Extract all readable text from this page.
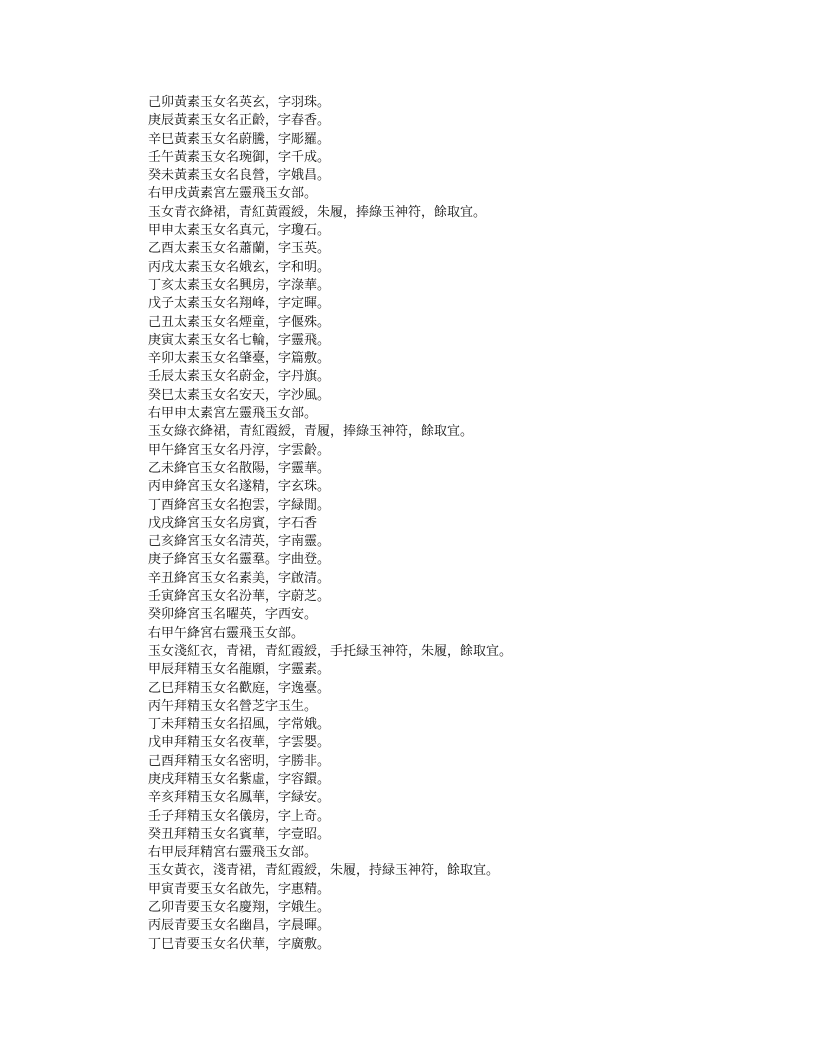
己卯黃素玉女名英玄，字羽珠。
庚辰黃素玉女名正齡，字春香。
辛巳黃素玉女名蔚騰，字彫羅。
壬午黃素玉女名琬御，字千成。
癸未黃素玉女名良營，字娥昌。
右甲戌黃素宮左靈飛玉女部。
玉女青衣絳裙，青紅黃霞綬，朱履，捧綠玉神符，餘取宜。
甲申太素玉女名真元，字瓊石。
乙酉太素玉女名蕭蘭，字玉英。
丙戌太素玉女名娥玄，字和明。
丁亥太素玉女名興房，字淥華。
戊子太素玉女名翔峰，字定暉。
己丑太素玉女名煙童，字偃殊。
庚寅太素玉女名七輪，字靈飛。
辛卯太素玉女名肇臺，字篇敷。
壬辰太素玉女名蔚金，字丹旗。
癸巳太素玉女名安天，字沙風。
右甲申太素宮左靈飛玉女部。
玉女綠衣絳裙，青紅霞綬，青履，捧綠玉神符，餘取宜。
甲午絳宮玉女名丹淳，字雲齡。
乙未絳官玉女名散陽，字靈華。
丙申絳宮玉女名遂精，字玄珠。
丁酉絳宮玉女名抱雲，字緑閒。
戊戌絳宮玉女名房賓，字石香
己亥絳宮玉女名清英，字南靈。
庚子絳宮玉女名靈羣。字曲登。
辛丑絳宮玉女名素美，字啟清。
壬寅絳宮玉女名汾華，字蔚芝。
癸卯絳宮玉名曜英，字西安。
右甲午絳宮右靈飛玉女部。
玉女淺紅衣，青裙，青紅霞綬，手托緑玉神符，朱履，餘取宜。
甲辰拜精玉女名龍願，字靈素。
乙巳拜精玉女名歡庭，字逸臺。
丙午拜精玉女名營芝字玉生。
丁未拜精玉女名招風，字常娥。
戊申拜精玉女名夜華，字雲嬰。
己酉拜精玉女名密明，字勝非。
庚戌拜精玉女名紫虛，字容鐶。
辛亥拜精玉女名鳳華，字緑安。
壬子拜精玉女名儀房，字上奇。
癸丑拜精玉女名賓華，字壹昭。
右甲辰拜精宮右靈飛玉女部。
玉女黃衣，淺青裙，青紅霞綬，朱履，持緑玉神符，餘取宜。
甲寅青要玉女名啟先，字惠精。
乙卯青要玉女名慶翔，字娥生。
丙辰青要玉女名幽昌，字晨暉。
丁巳青要玉女名伏華，字廣敷。
